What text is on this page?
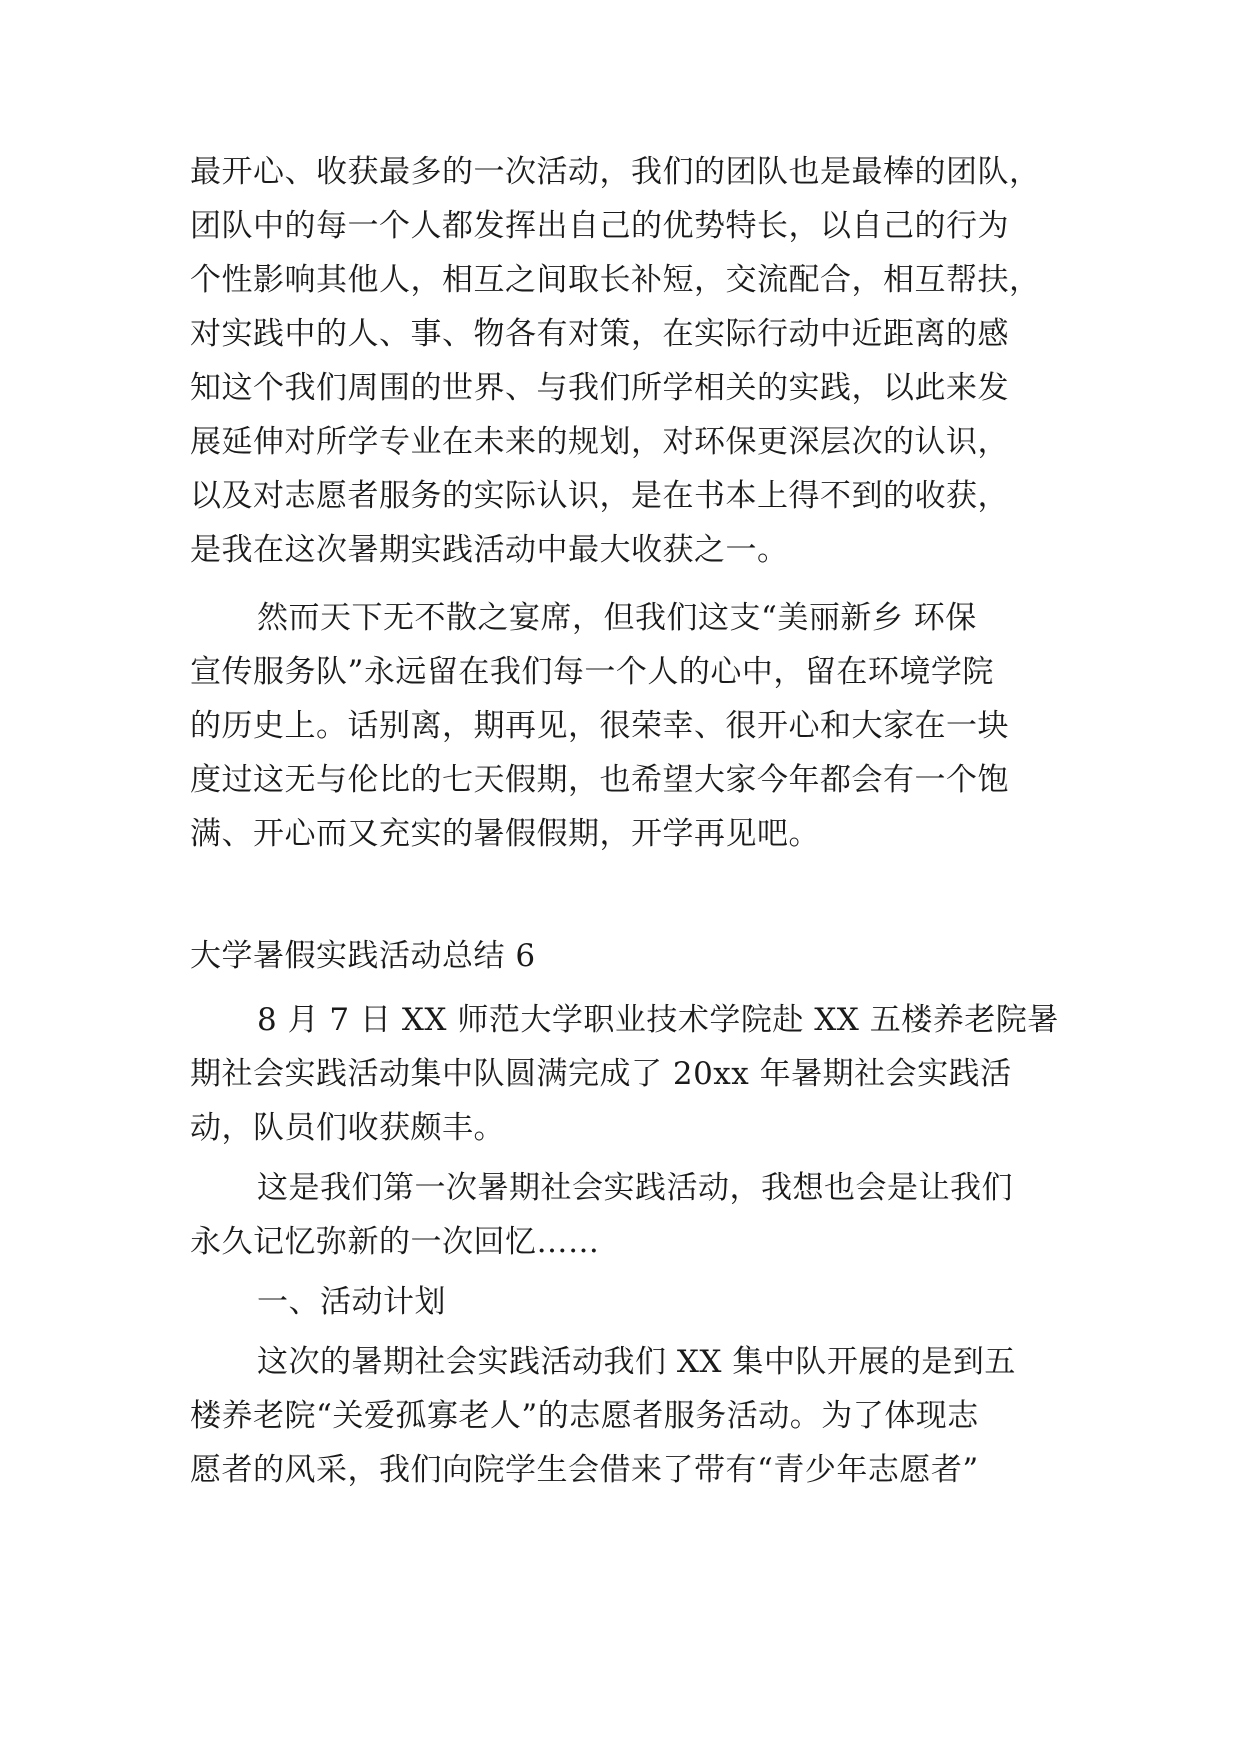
最开心、收获最多的一次活动，我们的团队也是最棒的团队，
团队中的每一个人都发挥出自己的优势特长，以自己的行为
个性影响其他人，相互之间取长补短，交流配合，相互帮扶，
对实践中的人、事、物各有对策，在实际行动中近距离的感
知这个我们周围的世界、与我们所学相关的实践，以此来发
展延伸对所学专业在未来的规划，对环保更深层次的认识，
以及对志愿者服务的实际认识，是在书本上得不到的收获，
是我在这次暑期实践活动中最大收获之一。
然而天下无不散之宴席，但我们这支“美丽新乡 环保
宣传服务队”永远留在我们每一个人的心中，留在环境学院
的历史上。话别离，期再见，很荣幸、很开心和大家在一块
度过这无与伦比的七天假期，也希望大家今年都会有一个饱
满、开心而又充实的暑假假期，开学再见吧。
大学暑假实践活动总结 6
8 月 7 日 XX 师范大学职业技术学院赴 XX 五楼养老院暑
期社会实践活动集中队圆满完成了 20xx 年暑期社会实践活
动，队员们收获颇丰。
这是我们第一次暑期社会实践活动，我想也会是让我们
永久记忆弥新的一次回忆……
一、活动计划
这次的暑期社会实践活动我们 XX 集中队开展的是到五
楼养老院“关爱孤寡老人”的志愿者服务活动。为了体现志
愿者的风采，我们向院学生会借来了带有“青少年志愿者”
